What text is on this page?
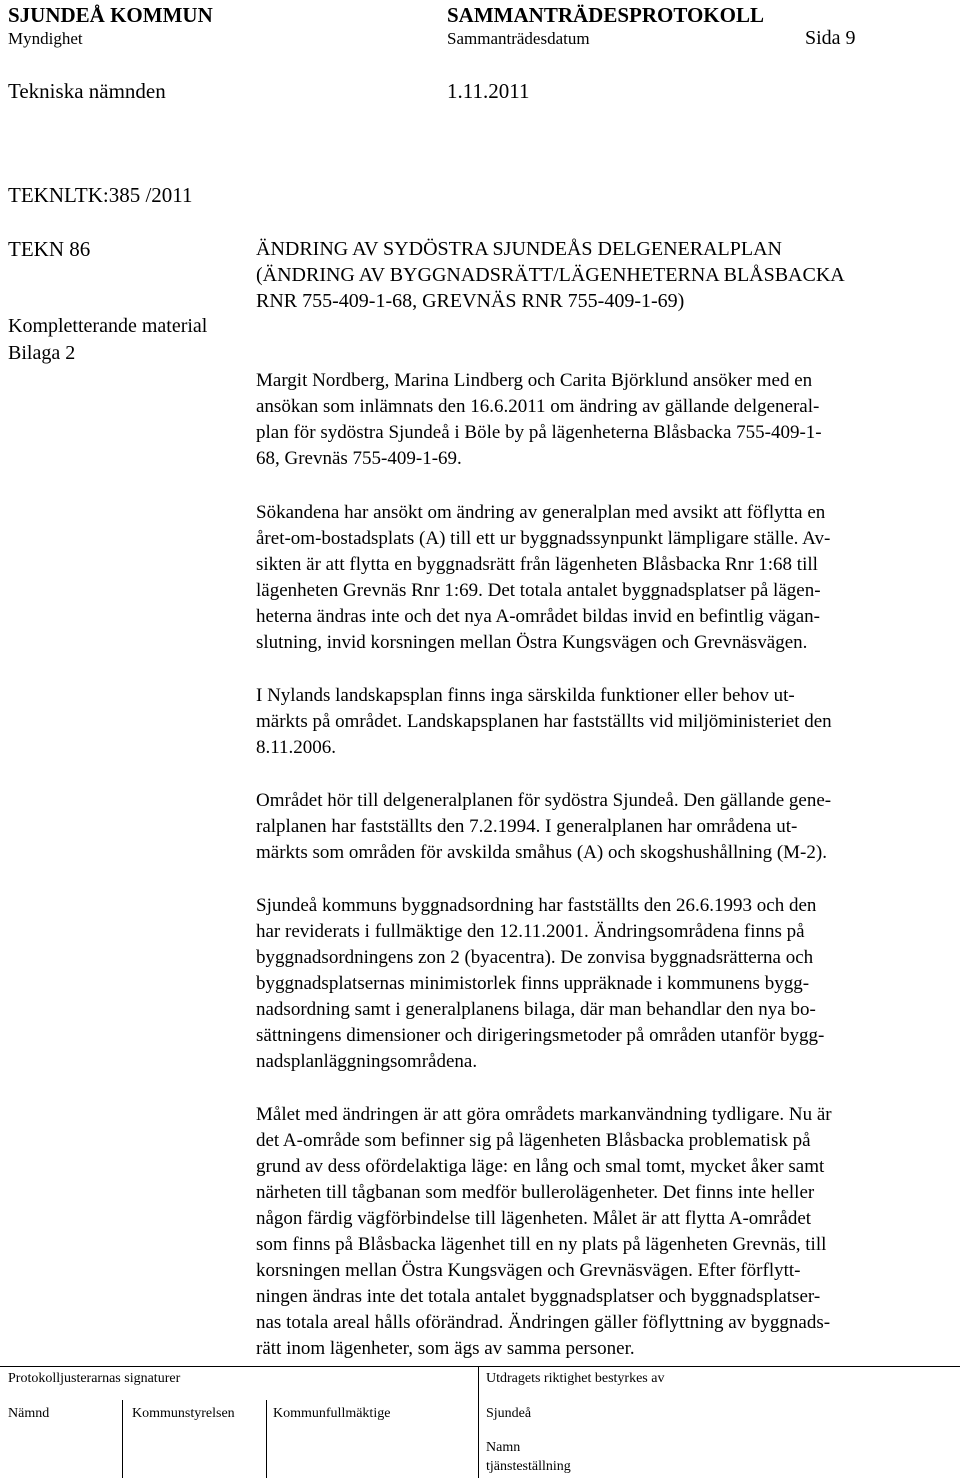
SJUNDEÅ KOMMUN	SAMMANTRÄDESPROTOKOLL
Myndighet	Sammanträdesdatum	Sida 9
Tekniska nämnden	1.11.2011
TEKNLTK:385 /2011
TEKN 86
Kompletterande material
Bilaga 2
ÄNDRING AV SYDÖSTRA SJUNDEÅS DELGENERALPLAN
(ÄNDRING AV BYGGNADSRÄTT/LÄGENHETERNA BLÅSBACKA
RNR 755-409-1-68, GREVNÄS RNR 755-409-1-69)
Margit Nordberg, Marina Lindberg och Carita Björklund ansöker med en
ansökan som inlämnats den 16.6.2011 om ändring av gällande delgeneral-
plan för sydöstra Sjundeå i Böle by på lägenheterna Blåsbacka 755-409-1-
68, Grevnäs 755-409-1-69.
Sökandena har ansökt om ändring av generalplan med avsikt att föflytta en
året-om-bostadsplats (A) till ett ur byggnadssynpunkt lämpligare ställe. Av-
sikten är att flytta en byggnadsrätt från lägenheten Blåsbacka Rnr 1:68 till
lägenheten Grevnäs Rnr 1:69. Det totala antalet byggnadsplatser på lägen-
heterna ändras inte och det nya A-området bildas invid en befintlig vägan-
slutning, invid korsningen mellan Östra Kungsvägen och Grevnäsvägen.
I Nylands landskapsplan finns inga särskilda funktioner eller behov ut-
märkts på området. Landskapsplanen har fastställts vid miljöministeriet den
8.11.2006.
Området hör till delgeneralplanen för sydöstra Sjundeå. Den gällande gene-
ralplanen har fastställts den 7.2.1994. I generalplanen har områdena ut-
märkts som områden för avskilda småhus (A) och skogshushållning (M-2).
Sjundeå kommuns byggnadsordning har fastställts den 26.6.1993 och den
har reviderats i fullmäktige den 12.11.2001. Ändringsområdena finns på
byggnadsordningens zon 2 (byacentra). De zonvisa byggnadsrätterna och
byggnadsplatsernas minimistorlek finns uppräknade i kommunens bygg-
nadsordning samt i generalplanens bilaga, där man behandlar den nya bo-
sättningens dimensioner och dirigeringsmetoder på områden utanför bygg-
nadsplanläggningsområdena.
Målet med ändringen är att göra områdets markanvändning tydligare. Nu är
det A-område som befinner sig på lägenheten Blåsbacka problematisk på
grund av dess ofördelaktiga läge: en lång och smal tomt, mycket åker samt
närheten till tågbanan som medför bullerolägenheter. Det finns inte heller
någon färdig vägförbindelse till lägenheten. Målet är att flytta A-området
som finns på Blåsbacka lägenhet till en ny plats på lägenheten Grevnäs, till
korsningen mellan Östra Kungsvägen och Grevnäsvägen. Efter förflytt-
ningen ändras inte det totala antalet byggnadsplatser och byggnadsplatser-
nas totala areal hålls oförändrad. Ändringen gäller föflyttning av byggnads-
rätt inom lägenheter, som ägs av samma personer.
Protokolljusterarnas signaturer
Nämnd	Kommunstyrelsen	Kommunfullmäktige
Utdragets riktighet bestyrkes av
Sjundeå
Namn
tjänsteställning
